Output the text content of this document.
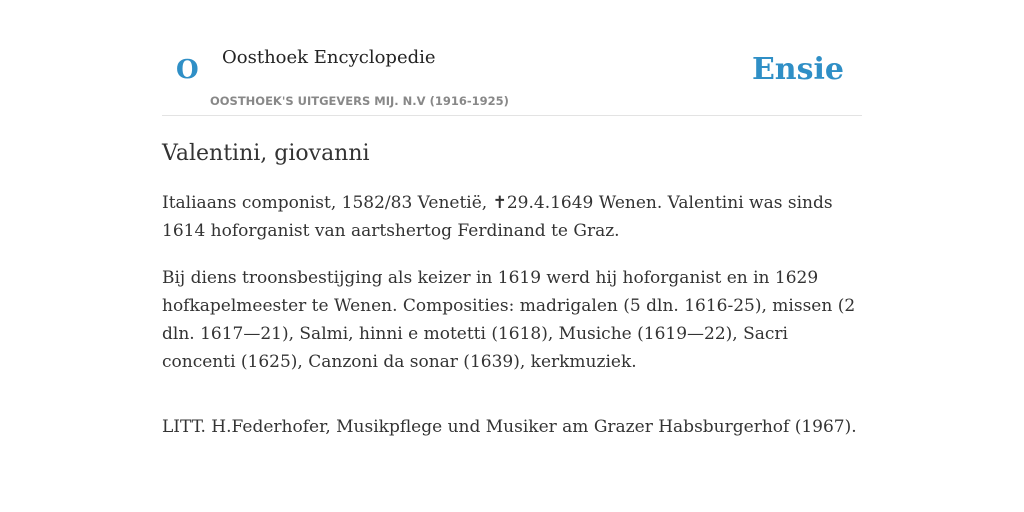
O Oosthoek Encyclopedie
OOSTHOEK'S UITGEVERS MIJ. N.V (1916-1925)
Ensie
Valentini, giovanni

Italiaans componist, 1582/83 Venetië, ✝29.4.1649 Wenen. Valentini was sinds 1614 hoforganist van aartshertog Ferdinand te Graz.

Bij diens troonsbestijging als keizer in 1619 werd hij hoforganist en in 1629 hofkapelmeester te Wenen. Composities: madrigalen (5 dln. 1616-25), missen (2 dln. 1617—21), Salmi, hinni e motetti (1618), Musiche (1619—22), Sacri concenti (1625), Canzoni da sonar (1639), kerkmuziek.

LITT. H.Federhofer, Musikpflege und Musiker am Grazer Habsburgerhof (1967).
